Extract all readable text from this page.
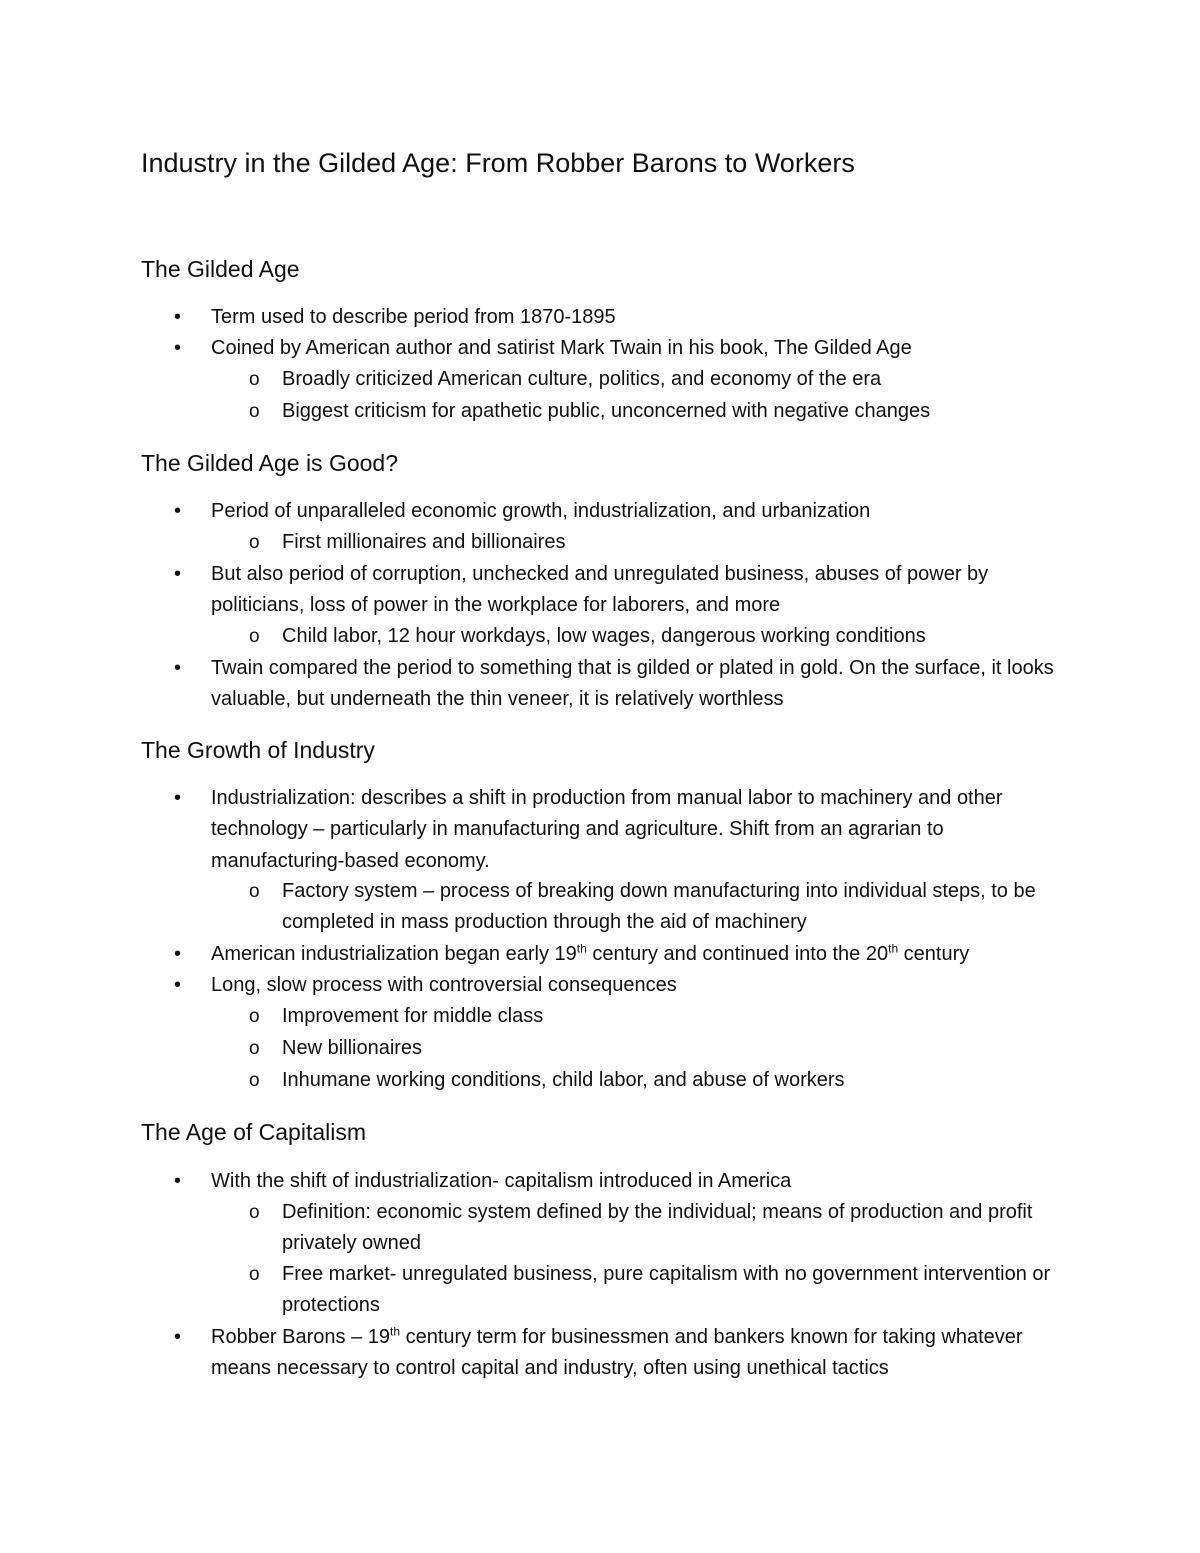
Industry in the Gilded Age: From Robber Barons to Workers
The Gilded Age
• Term used to describe period from 1870-1895
• Coined by American author and satirist Mark Twain in his book, The Gilded Age
o Broadly criticized American culture, politics, and economy of the era
o Biggest criticism for apathetic public, unconcerned with negative changes
The Gilded Age is Good?
• Period of unparalleled economic growth, industrialization, and urbanization
o First millionaires and billionaires
• But also period of corruption, unchecked and unregulated business, abuses of power by politicians, loss of power in the workplace for laborers, and more
o Child labor, 12 hour workdays, low wages, dangerous working conditions
• Twain compared the period to something that is gilded or plated in gold. On the surface, it looks valuable, but underneath the thin veneer, it is relatively worthless
The Growth of Industry
• Industrialization: describes a shift in production from manual labor to machinery and other technology – particularly in manufacturing and agriculture. Shift from an agrarian to manufacturing-based economy.
o Factory system – process of breaking down manufacturing into individual steps, to be completed in mass production through the aid of machinery
• American industrialization began early 19th century and continued into the 20th century
• Long, slow process with controversial consequences
o Improvement for middle class
o New billionaires
o Inhumane working conditions, child labor, and abuse of workers
The Age of Capitalism
• With the shift of industrialization- capitalism introduced in America
o Definition: economic system defined by the individual; means of production and profit privately owned
o Free market- unregulated business, pure capitalism with no government intervention or protections
• Robber Barons – 19th century term for businessmen and bankers known for taking whatever means necessary to control capital and industry, often using unethical tactics
